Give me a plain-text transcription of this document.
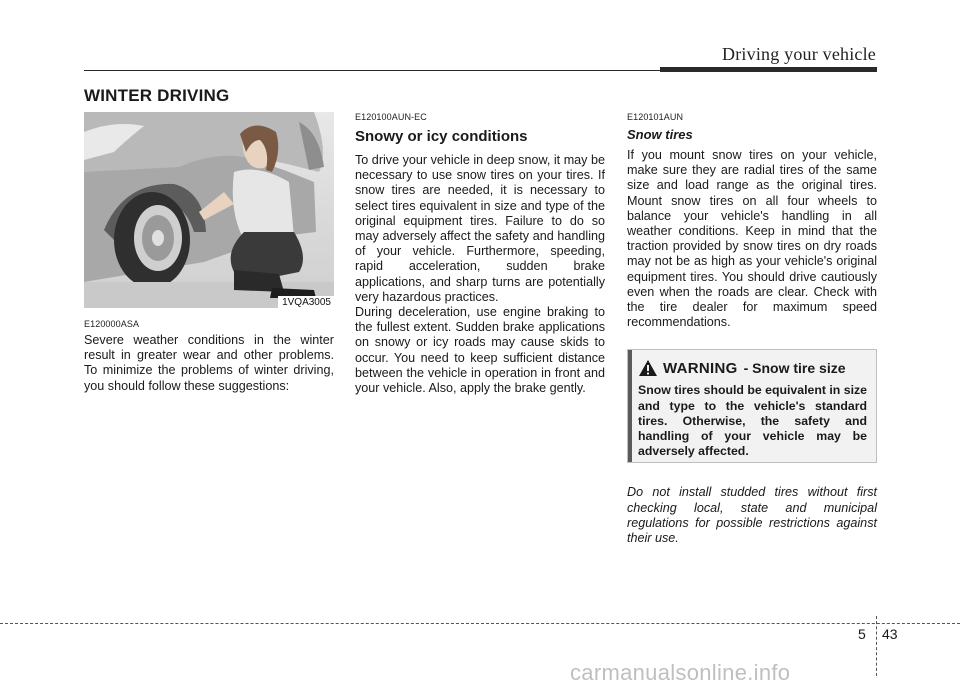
Driving your vehicle
WINTER DRIVING
1VQA3005

E120000ASA

Severe weather conditions in the winter result in greater wear and other problems. To minimize the problems of winter driving, you should follow these suggestions:

E120100AUN-EC

Snowy or icy conditions

To drive your vehicle in deep snow, it may be necessary to use snow tires on your tires. If snow tires are needed, it is necessary to select tires equivalent in size and type of the original equipment tires. Failure to do so may adversely affect the safety and handling of your vehicle. Furthermore, speeding, rapid acceleration, sudden brake applications, and sharp turns are potentially very hazardous practices.

During deceleration, use engine braking to the fullest extent. Sudden brake applications on snowy or icy roads may cause skids to occur. You need to keep sufficient distance between the vehicle in operation in front and your vehicle. Also, apply the brake gently.

E120101AUN

Snow tires

If you mount snow tires on your vehicle, make sure they are radial tires of the same size and load range as the original tires. Mount snow tires on all four wheels to balance your vehicle's handling in all weather conditions. Keep in mind that the traction provided by snow tires on dry roads may not be as high as your vehicle's original equipment tires. You should drive cautiously even when the roads are clear. Check with the tire dealer for maximum speed recommendations.

WARNING - Snow tire size

Snow tires should be equivalent in size and type to the vehicle's standard tires. Otherwise, the safety and handling of your vehicle may be adversely affected.

Do not install studded tires without first checking local, state and municipal regulations for possible restrictions against their use.

5 43
carmanualsonline.info
